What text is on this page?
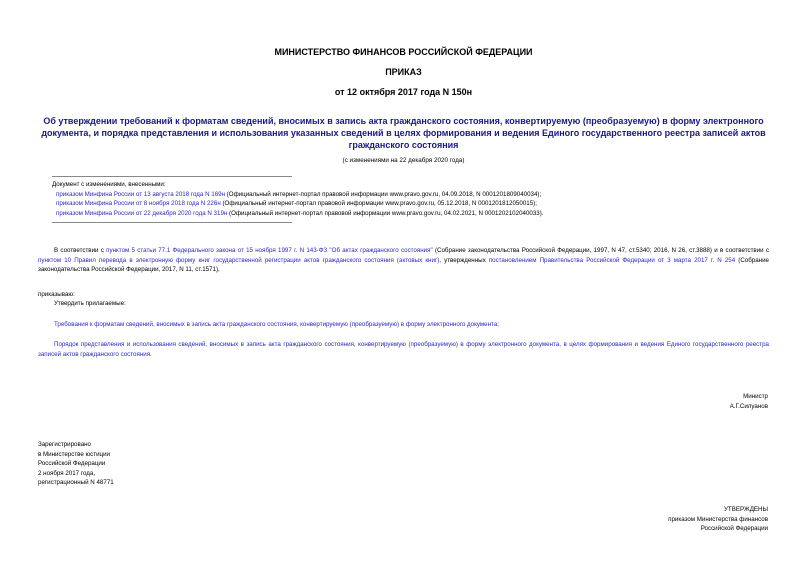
МИНИСТЕРСТВО ФИНАНСОВ РОССИЙСКОЙ ФЕДЕРАЦИИ
ПРИКАЗ
от 12 октября 2017 года N 150н
Об утверждении требований к форматам сведений, вносимых в запись акта гражданского состояния, конвертируемую (преобразуемую) в форму электронного документа, и порядка представления и использования указанных сведений в целях формирования и ведения Единого государственного реестра записей актов гражданского состояния
(с изменениями на 22 декабря 2020 года)

Документ с изменениями, внесенными:

приказом Минфина России от 13 августа 2018 года N 169н (Официальный интернет-портал правовой информации www.pravo.gov.ru, 04.09.2018, N 0001201809040034);

приказом Минфина России от 8 ноября 2018 года N 226н (Официальный интернет-портал правовой информации www.pravo.gov.ru, 05.12.2018, N 0001201812050015);

приказом Минфина России от 22 декабря 2020 года N 319н (Официальный интернет-портал правовой информации www.pravo.gov.ru, 04.02.2021, N 0001202102040033).

В соответствии с пунктом 5 статьи 77.1 Федерального закона от 15 ноября 1997 г. N 143-ФЗ "Об актах гражданского состояния" (Собрание законодательства Российской Федерации, 1997, N 47, ст.5340; 2016, N 26, ст.3888) и в соответствии с пунктом 10 Правил перевода в электронную форму книг государственной регистрации актов гражданского состояния (актовых книг), утвержденных постановлением Правительства Российской Федерации от 3 марта 2017 г. N 254 (Собрание законодательства Российской Федерации, 2017, N 11, ст.1571),
приказываю:
Утвердить прилагаемые:
Требования к форматам сведений, вносимых в запись акта гражданского состояния, конвертируемую (преобразуемую) в форму электронного документа;
Порядок представления и использования сведений, вносимых в запись акта гражданского состояния, конвертируемую (преобразуемую) в форму электронного документа, в целях формирования и ведения Единого государственного реестра записей актов гражданского состояния.

Министр

А.Г.Силуанов

Зарегистрировано

в Министерстве юстиции

Российской Федерации

2 ноября 2017 года,

регистрационный N 48771

УТВЕРЖДЕНЫ

приказом Министерства финансов

Российской Федерации
